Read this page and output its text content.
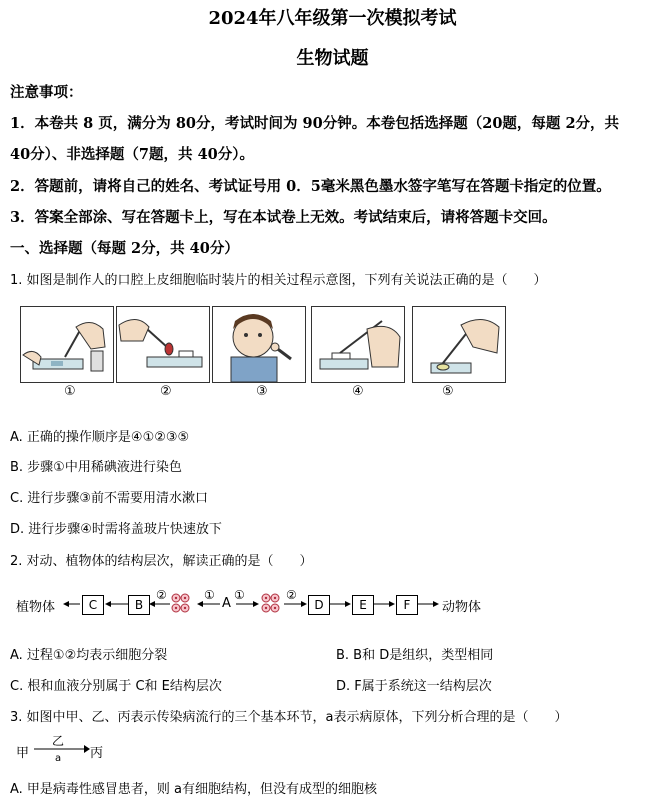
2024年八年级第一次模拟考试
生物试题
注意事项：
1．本卷共 8 页，满分为 80分，考试时间为 90分钟。本卷包括选择题（20题，每题 2分，共
40分）、非选择题（7题，共 40分）。
2．答题前，请将自己的姓名、考试证号用 0．5毫米黑色墨水签字笔写在答题卡指定的位置。
3．答案全部涂、写在答题卡上，写在本试卷上无效。考试结束后，请将答题卡交回。
一、选择题（每题 2分，共 40分）
1. 如图是制作人的口腔上皮细胞临时装片的相关过程示意图，下列有关说法正确的是（　　）
①	②	③	④	⑤
A. 正确的操作顺序是④①②③⑤
B. 步骤①中用稀碘液进行染色
C. 进行步骤③前不需要用清水漱口
D. 进行步骤④时需将盖玻片快速放下
2. 对动、植物体的结构层次，解读正确的是（　　）
植物体	C	B
②	①
A
①	②
D	E	F	动物体
A. 过程①②均表示细胞分裂	B. B和 D是组织，类型相同
C. 根和血液分别属于 C和 E结构层次	D. F属于系统这一结构层次
3. 如图中甲、乙、丙表示传染病流行的三个基本环节，a表示病原体，下列分析合理的是（　　）
甲
乙
a 丙
A. 甲是病毒性感冒患者，则 a有细胞结构，但没有成型的细胞核
